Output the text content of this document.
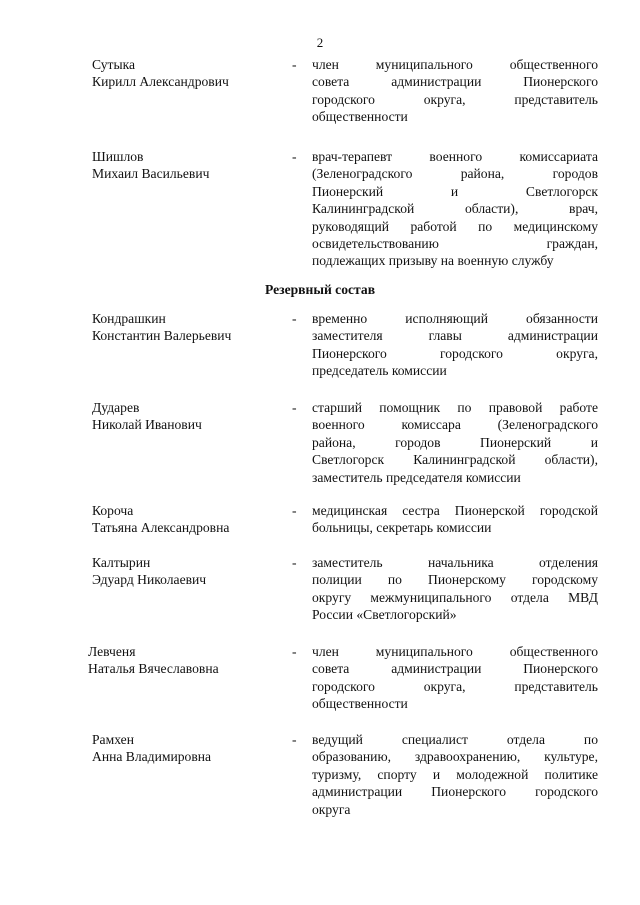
2
Резервный состав
Сутыка
Кирилл Александрович
- член муниципального общественного
совета администрации Пионерского
городского округа, представитель
общественности
Шишлов
Михаил Васильевич
- врач-терапевт военного комиссариата
(Зеленоградского района, городов
Пионерский и Светлогорск
Калининградской области), врач,
руководящий работой по медицинскому
освидетельствованию граждан,
подлежащих призыву на военную службу
Кондрашкин
Константин Валерьевич
- временно исполняющий обязанности
заместителя главы администрации
Пионерского городского округа,
председатель комиссии
Дударев
Николай Иванович
- старший помощник по правовой работе
военного комиссара (Зеленоградского
района, городов Пионерский и
Светлогорск Калининградской области),
заместитель председателя комиссии
Короча
Татьяна Александровна
- медицинская сестра Пионерской городской
больницы, секретарь комиссии
Калтырин
Эдуард Николаевич
- заместитель начальника отделения
полиции по Пионерскому городскому
округу межмуниципального отдела МВД
России «Светлогорский»
Левченя
Наталья Вячеславовна
- член муниципального общественного
совета администрации Пионерского
городского округа, представитель
общественности
Рамхен
Анна Владимировна
- ведущий специалист отдела по
образованию, здравоохранению, культуре,
туризму, спорту и молодежной политике
администрации Пионерского городского
округа
